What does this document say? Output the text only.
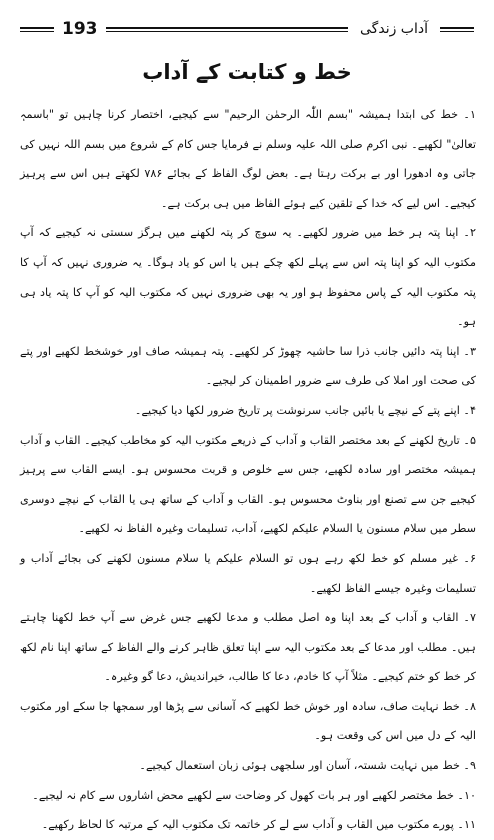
193	آداب زندگی
خط و کتابت کے آداب

۱۔ خط کی ابتدا ہمیشہ "بسم اللّٰہ الرحمٰن الرحیم" سے کیجیے، اختصار کرنا چاہیں تو "باسمہٖ تعالیٰ" لکھیے۔ نبی اکرم صلی اللہ علیہ وسلم نے فرمایا جس کام کے شروع میں بسم اللہ نہیں کی جاتی وہ ادھورا اور بے برکت رہتا ہے۔ بعض لوگ الفاظ کے بجائے ۷۸۶ لکھتے ہیں اس سے پرہیز کیجیے۔ اس لیے کہ خدا کے تلقین کیے ہوئے الفاظ میں ہی برکت ہے۔

۲۔ اپنا پتہ ہر خط میں ضرور لکھیے۔ یہ سوچ کر پتہ لکھنے میں ہرگز سستی نہ کیجیے کہ آپ مکتوب الیہ کو اپنا پتہ اس سے پہلے لکھ چکے ہیں یا اس کو یاد ہوگا۔ یہ ضروری نہیں کہ آپ کا پتہ مکتوب الیہ کے پاس محفوظ ہو اور یہ بھی ضروری نہیں کہ مکتوب الیہ کو آپ کا پتہ یاد ہی ہو۔

۳۔ اپنا پتہ دائیں جانب ذرا سا حاشیہ چھوڑ کر لکھیے۔ پتہ ہمیشہ صاف اور خوشخط لکھیے اور پتے کی صحت اور املا کی طرف سے ضرور اطمینان کر لیجیے۔

۴۔ اپنے پتے کے نیچے یا بائیں جانب سرنوشت پر تاریخ ضرور لکھا دیا کیجیے۔

۵۔ تاریخ لکھنے کے بعد مختصر القاب و آداب کے ذریعے مکتوب الیہ کو مخاطب کیجیے۔ القاب و آداب ہمیشہ مختصر اور سادہ لکھیے، جس سے خلوص و قربت محسوس ہو۔ ایسے القاب سے پرہیز کیجیے جن سے تصنع اور بناوٹ محسوس ہو۔ القاب و آداب کے ساتھ ہی یا القاب کے نیچے دوسری سطر میں سلام مسنون یا السلام علیکم لکھیے، آداب، تسلیمات وغیرہ الفاظ نہ لکھیے۔

۶۔ غیر مسلم کو خط لکھ رہے ہوں تو السلام علیکم یا سلام مسنون لکھنے کی بجائے آداب و تسلیمات وغیرہ جیسے الفاظ لکھیے۔

۷۔ القاب و آداب کے بعد اپنا وہ اصل مطلب و مدعا لکھیے جس غرض سے آپ خط لکھنا چاہتے ہیں۔ مطلب اور مدعا کے بعد مکتوب الیہ سے اپنا تعلق ظاہر کرنے والے الفاظ کے ساتھ اپنا نام لکھ کر خط کو ختم کیجیے۔ مثلاً آپ کا خادم، دعا کا طالب، خیراندیش، دعا گو وغیرہ۔

۸۔ خط نہایت صاف، سادہ اور خوش خط لکھیے کہ آسانی سے پڑھا اور سمجھا جا سکے اور مکتوب الیہ کے دل میں اس کی وقعت ہو۔

۹۔ خط میں نہایت شستہ، آسان اور سلجھی ہوئی زبان استعمال کیجیے۔

۱۰۔ خط مختصر لکھیے اور ہر بات کھول کر وضاحت سے لکھیے محض اشاروں سے کام نہ لیجیے۔

۱۱۔ پورے مکتوب میں القاب و آداب سے لے کر خاتمہ تک مکتوب الیہ کے مرتبہ کا لحاظ رکھیے۔
